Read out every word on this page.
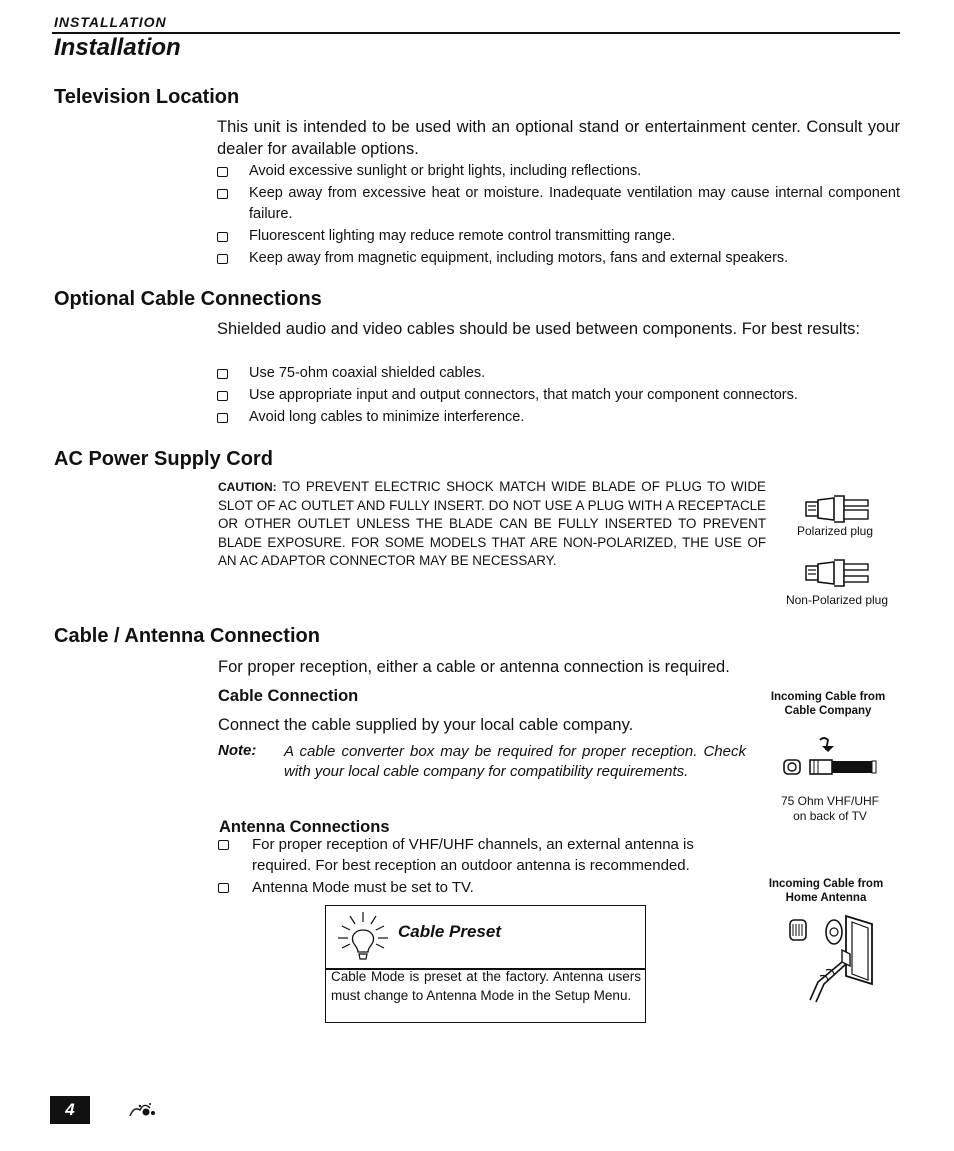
INSTALLATION
Installation
Television Location
This unit is intended to be used with an optional stand or entertainment center. Consult your dealer for available options.
Avoid excessive sunlight or bright lights, including reflections.
Keep away from excessive heat or moisture. Inadequate ventilation may cause internal component failure.
Fluorescent lighting may reduce remote control transmitting range.
Keep away from magnetic equipment, including motors, fans and external speakers.
Optional Cable Connections
Shielded audio and video cables should be used between components. For best results:
Use 75-ohm coaxial shielded cables.
Use appropriate input and output connectors, that match your component connectors.
Avoid long cables to minimize interference.
AC Power Supply Cord
CAUTION: TO PREVENT ELECTRIC SHOCK MATCH WIDE BLADE OF PLUG TO WIDE SLOT OF AC OUTLET AND FULLY INSERT. DO NOT USE A PLUG WITH A RECEPTACLE OR OTHER OUTLET UNLESS THE BLADE CAN BE FULLY INSERTED TO PREVENT BLADE EXPOSURE. FOR SOME MODELS THAT ARE NON-POLARIZED, THE USE OF AN AC ADAPTOR CONNECTOR MAY BE NECESSARY.
Polarized plug
Non-Polarized plug
Cable / Antenna Connection
For proper reception, either a cable or antenna connection is required.
Cable Connection
Connect the cable supplied by your local cable company.
Note: A cable converter box may be required for proper reception. Check with your local cable company for compatibility requirements.
Antenna Connections
For proper reception of VHF/UHF channels, an external antenna is required. For best reception an outdoor antenna is recommended.
Antenna Mode must be set to TV.
Incoming Cable from
Cable Company
75 Ohm VHF/UHF
on back of TV
Incoming Cable from
Home Antenna
Cable Preset
Cable Mode is preset at the factory. Antenna users must change to Antenna Mode in the Setup Menu.
4
